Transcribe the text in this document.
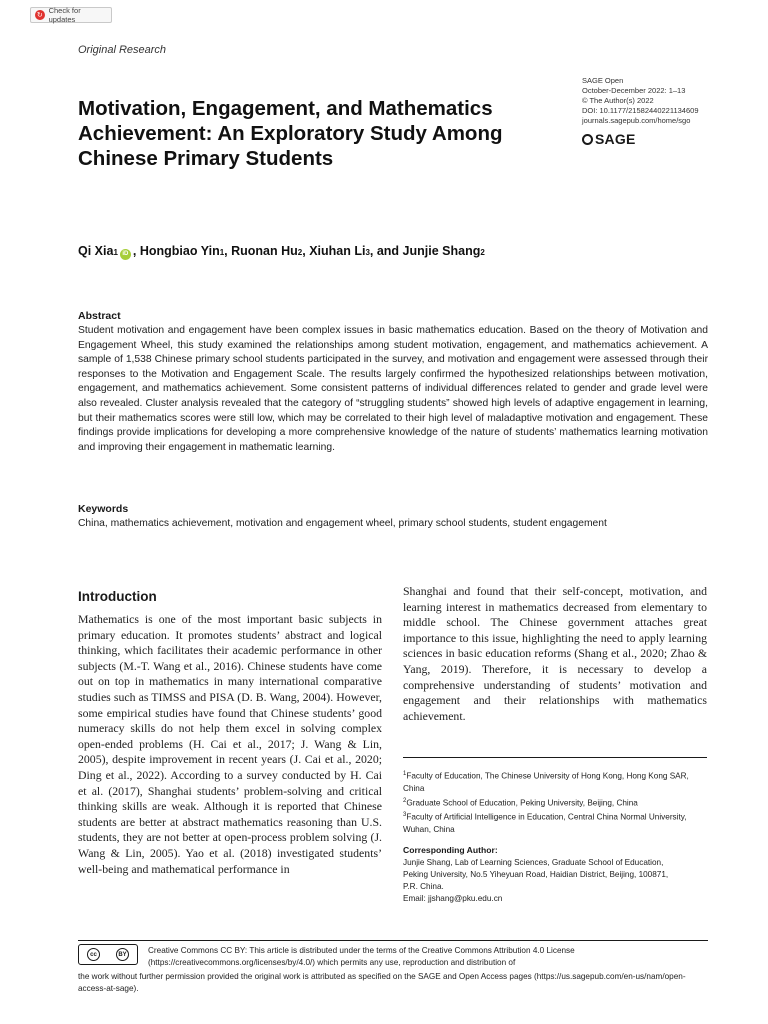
↻
Check for updates
Original Research
SAGE Open
October-December 2022: 1–13
© The Author(s) 2022
DOI: 10.1177/21582440221134609
journals.sagepub.com/home/sgo
SAGE
Motivation, Engagement, and Mathematics Achievement: An Exploratory Study Among Chinese Primary Students
Qi Xia 1 iD , Hongbiao Yin 1 , Ruonan Hu 2 , Xiuhan Li 3 , and Junjie Shang 2
Abstract
Student motivation and engagement have been complex issues in basic mathematics education. Based on the theory of Motivation and Engagement Wheel, this study examined the relationships among student motivation, engagement, and mathematics achievement. A sample of 1,538 Chinese primary school students participated in the survey, and motivation and engagement were assessed through their responses to the Motivation and Engagement Scale. The results largely confirmed the hypothesized relationships between motivation, engagement, and mathematics achievement. Some consistent patterns of individual differences related to gender and grade level were also revealed. Cluster analysis revealed that the category of “struggling students” showed high levels of adaptive engagement in learning, but their mathematics scores were still low, which may be correlated to their high level of maladaptive motivation and engagement. These findings provide implications for developing a more comprehensive knowledge of the nature of students’ mathematics learning motivation and improving their engagement in mathematic learning.
Keywords
China, mathematics achievement, motivation and engagement wheel, primary school students, student engagement
Introduction
Mathematics is one of the most important basic subjects in primary education. It promotes students’ abstract and logical thinking, which facilitates their academic performance in other subjects (M.-T. Wang et al., 2016). Chinese students have come out on top in mathematics in many international comparative studies such as TIMSS and PISA (D. B. Wang, 2004). However, some empirical studies have found that Chinese students’ good numeracy skills do not help them excel in solving complex open-ended problems (H. Cai et al., 2017; J. Wang & Lin, 2005), despite improvement in recent years (J. Cai et al., 2020; Ding et al., 2022). According to a survey conducted by H. Cai et al. (2017), Shanghai students’ problem-solving and critical thinking skills are weak. Although it is reported that Chinese students are better at abstract mathematics reasoning than U.S. students, they are not better at open-process problem solving (J. Wang & Lin, 2005). Yao et al. (2018) investigated students’ well-being and mathematical performance in
Shanghai and found that their self-concept, motivation, and learning interest in mathematics decreased from elementary to middle school. The Chinese government attaches great importance to this issue, highlighting the need to apply learning sciences in basic education reforms (Shang et al., 2020; Zhao & Yang, 2019). Therefore, it is necessary to develop a comprehensive understanding of students’ motivation and engagement and their relationships with mathematics achievement.

$^1$Faculty of Education, The Chinese University of Hong Kong, Hong Kong SAR, China

$^2$Graduate School of Education, Peking University, Beijing, China

$^3$Faculty of Artificial Intelligence in Education, Central China Normal University, Wuhan, China

Corresponding Author:
Junjie Shang, Lab of Learning Sciences, Graduate School of Education,
Peking University, No.5 Yiheyuan Road, Haidian District, Beijing, 100871,
P.R. China.
Email: jjshang@pku.edu.cn
cc	BY	Creative Commons CC BY: This article is distributed under the terms of the Creative Commons Attribution 4.0 License (https://creativecommons.org/licenses/by/4.0/) which permits any use, reproduction and distribution of
the work without further permission provided the original work is attributed as specified on the SAGE and Open Access pages (https://us.sagepub.com/en-us/nam/open-access-at-sage).
